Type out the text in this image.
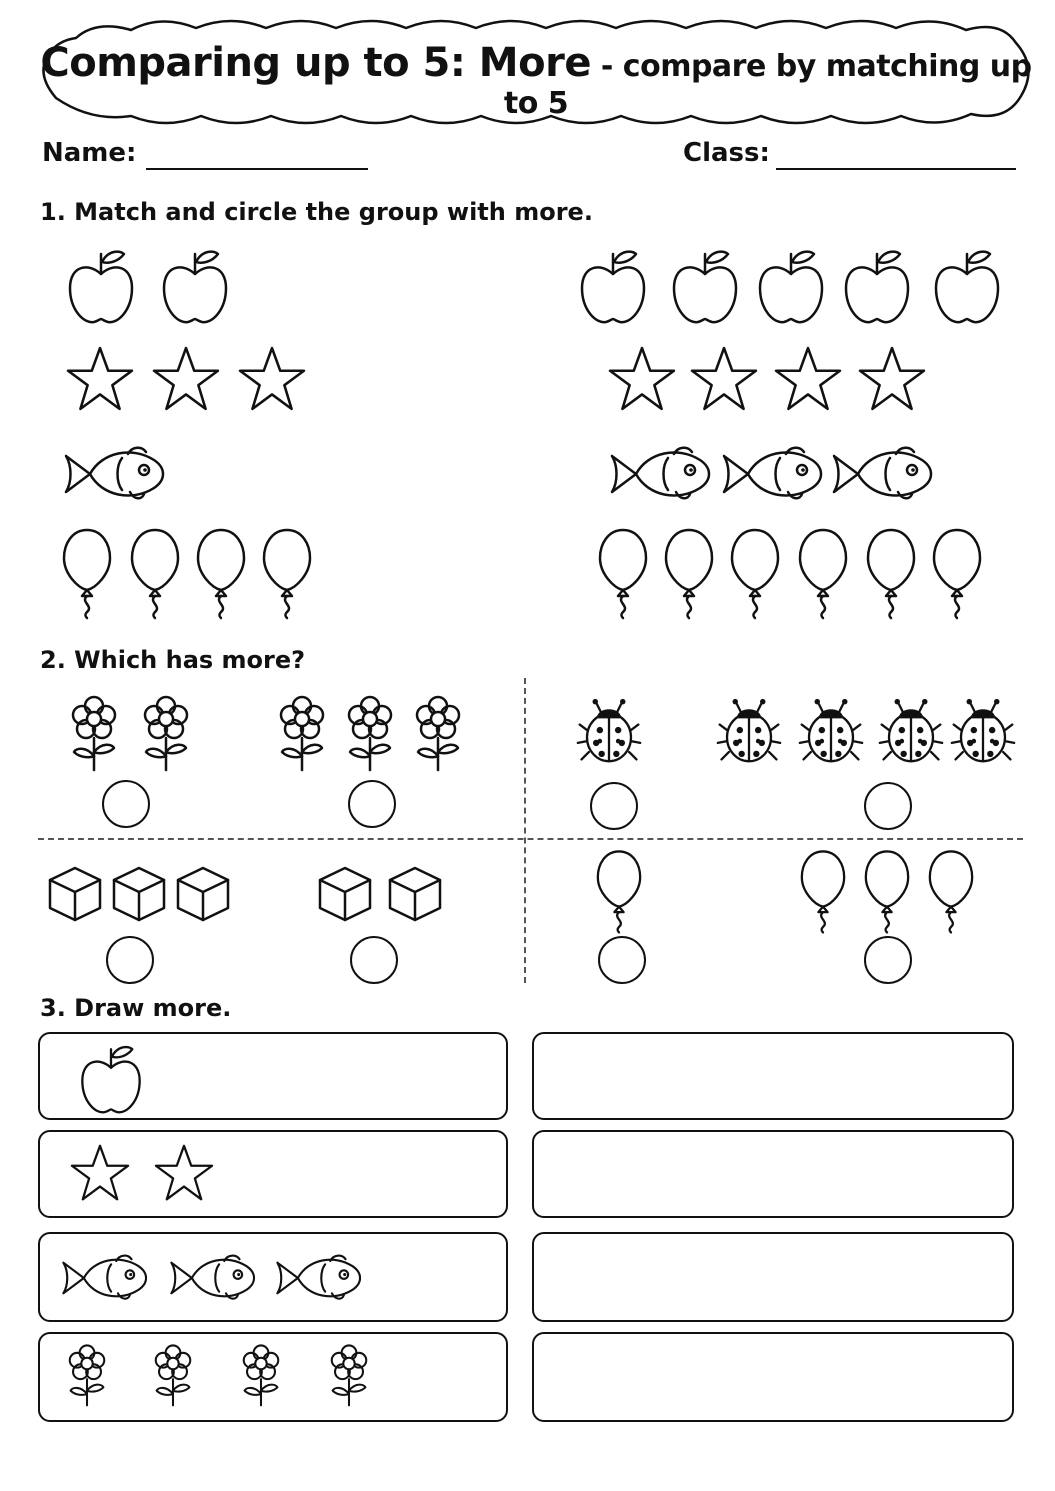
Comparing up to 5: More - compare by matching up to 5
Name:	Class:
1. Match and circle the group with more.
2. Which has more?
3. Draw more.
